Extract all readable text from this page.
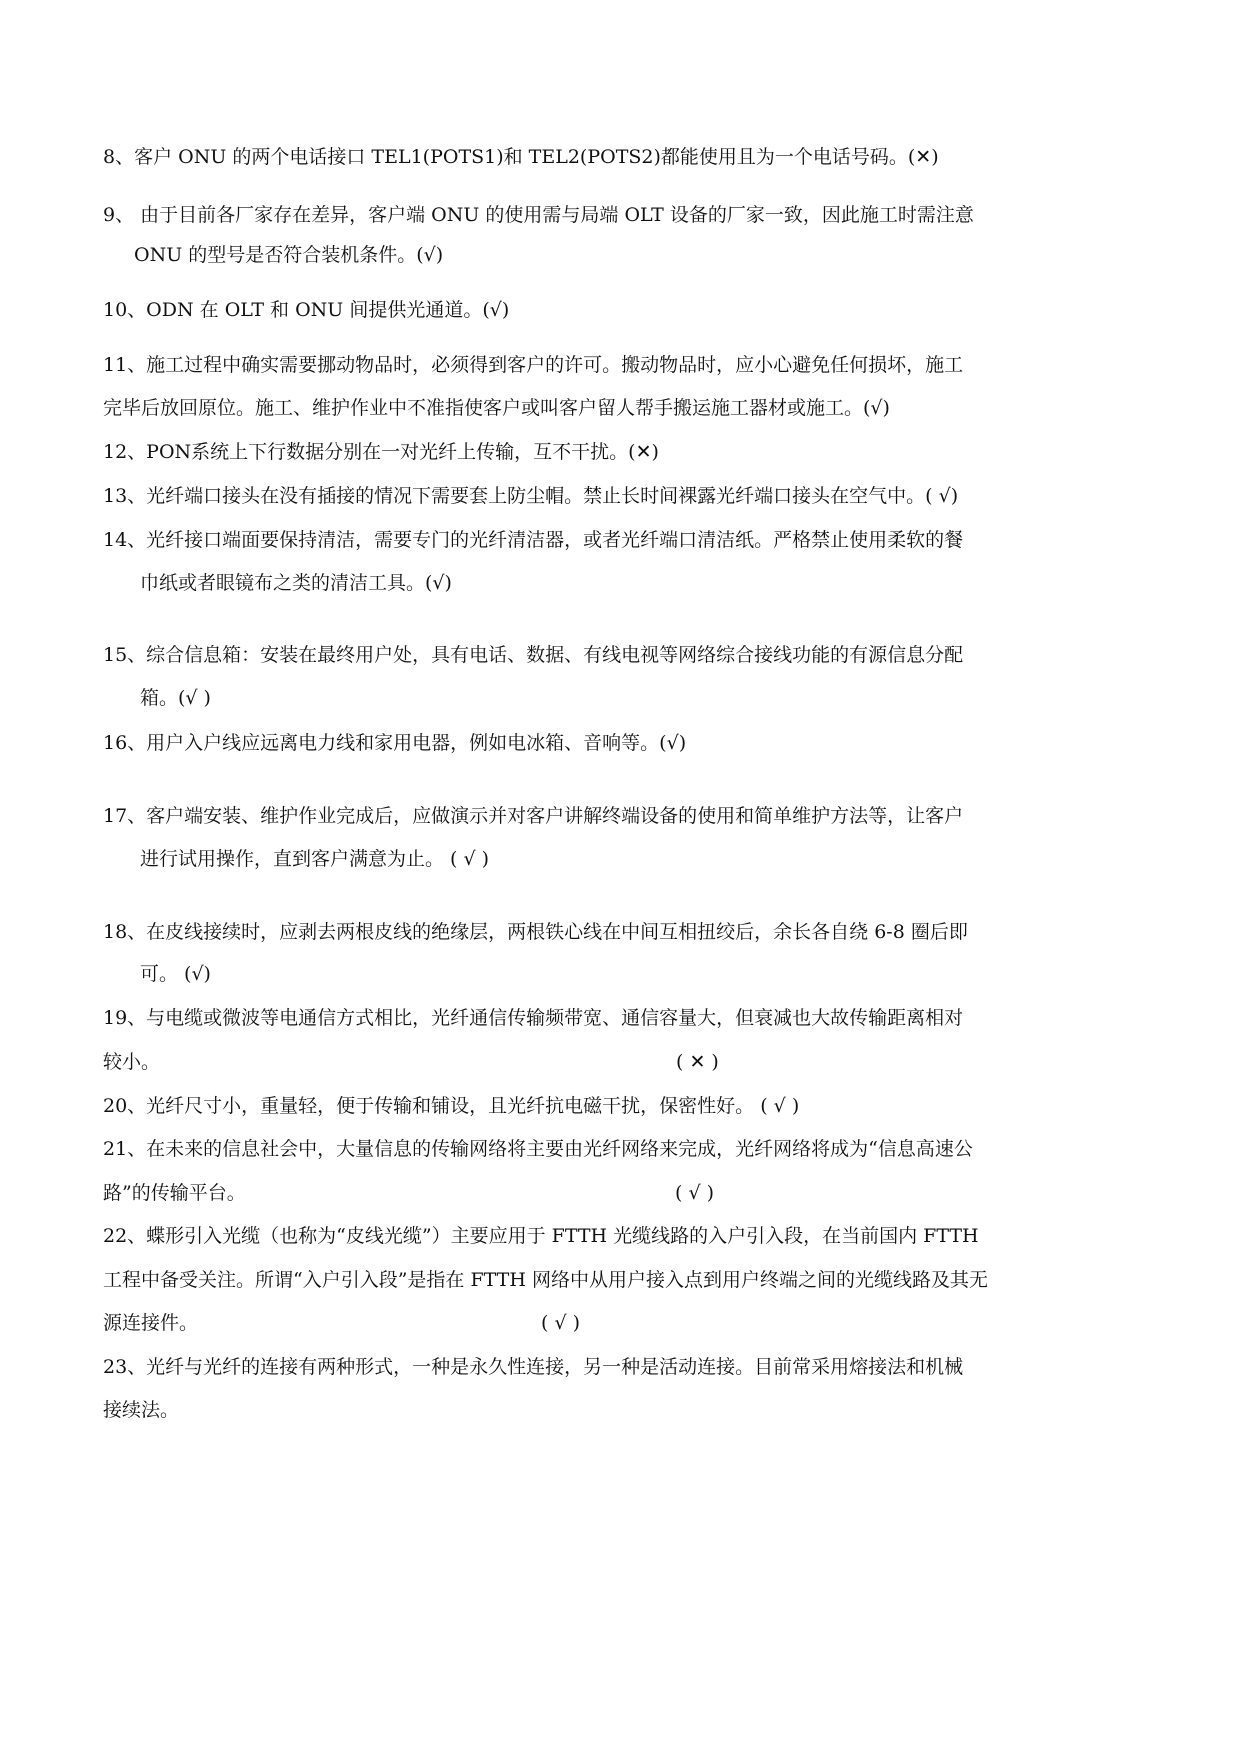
8、客户 ONU 的两个电话接口 TEL1(POTS1)和 TEL2(POTS2)都能使用且为一个电话号码。(✕)
9、 由于目前各厂家存在差异，客户端 ONU 的使用需与局端 OLT 设备的厂家一致，因此施工时需注意
ONU 的型号是否符合装机条件。(√)
10、ODN 在 OLT 和 ONU 间提供光通道。(√)
11、施工过程中确实需要挪动物品时，必须得到客户的许可。搬动物品时，应小心避免任何损坏，施工
完毕后放回原位。施工、维护作业中不准指使客户或叫客户留人帮手搬运施工器材或施工。(√)
12、PON系统上下行数据分别在一对光纤上传输，互不干扰。(✕)
13、光纤端口接头在没有插接的情况下需要套上防尘帽。禁止长时间裸露光纤端口接头在空气中。( √)
14、光纤接口端面要保持清洁，需要专门的光纤清洁器，或者光纤端口清洁纸。严格禁止使用柔软的餐
巾纸或者眼镜布之类的清洁工具。(√)
15、综合信息箱：安装在最终用户处，具有电话、数据、有线电视等网络综合接线功能的有源信息分配
箱。(√ )
16、用户入户线应远离电力线和家用电器，例如电冰箱、音响等。(√)
17、客户端安装、维护作业完成后，应做演示并对客户讲解终端设备的使用和简单维护方法等，让客户
进行试用操作，直到客户满意为止。 ( √ )
18、在皮线接续时，应剥去两根皮线的绝缘层，两根铁心线在中间互相扭绞后，余长各自绕 6-8 圈后即
可。 (√)
19、与电缆或微波等电通信方式相比，光纤通信传输频带宽、通信容量大，但衰减也大故传输距离相对
较小。	( ✕ )
20、光纤尺寸小，重量轻，便于传输和铺设，且光纤抗电磁干扰，保密性好。 ( √ )
21、在未来的信息社会中，大量信息的传输网络将主要由光纤网络来完成，光纤网络将成为“信息高速公
路”的传输平台。	( √ )
22、蝶形引入光缆（也称为“皮线光缆”）主要应用于 FTTH 光缆线路的入户引入段，在当前国内 FTTH
工程中备受关注。所谓“入户引入段”是指在 FTTH 网络中从用户接入点到用户终端之间的光缆线路及其无
源连接件。	( √ )
23、光纤与光纤的连接有两种形式，一种是永久性连接，另一种是活动连接。目前常采用熔接法和机械
接续法。
